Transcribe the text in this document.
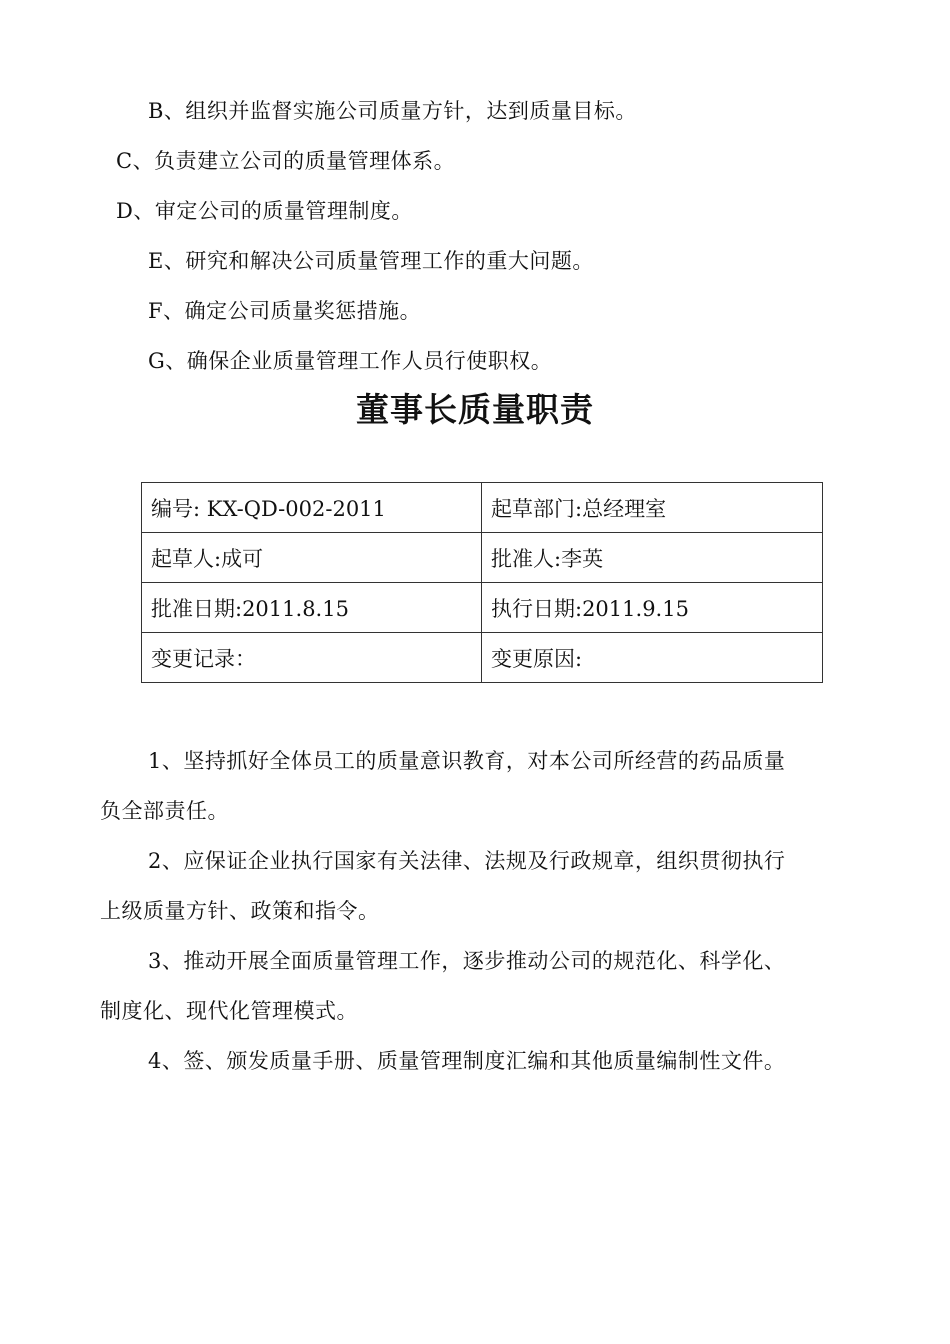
B、组织并监督实施公司质量方针，达到质量目标。
C、负责建立公司的质量管理体系。
D、审定公司的质量管理制度。
E、研究和解决公司质量管理工作的重大问题。
F、确定公司质量奖惩措施。
G、确保企业质量管理工作人员行使职权。
董事长质量职责
编号: KX-QD-002-2011	起草部门:总经理室
起草人:成可	批准人:李英
批准日期:2011.8.15	执行日期:2011.9.15
变更记录：	变更原因:
1、坚持抓好全体员工的质量意识教育，对本公司所经营的药品质量
负全部责任。
2、应保证企业执行国家有关法律、法规及行政规章，组织贯彻执行
上级质量方针、政策和指令。
3、推动开展全面质量管理工作，逐步推动公司的规范化、科学化、
制度化、现代化管理模式。
4、签、颁发质量手册、质量管理制度汇编和其他质量编制性文件。
